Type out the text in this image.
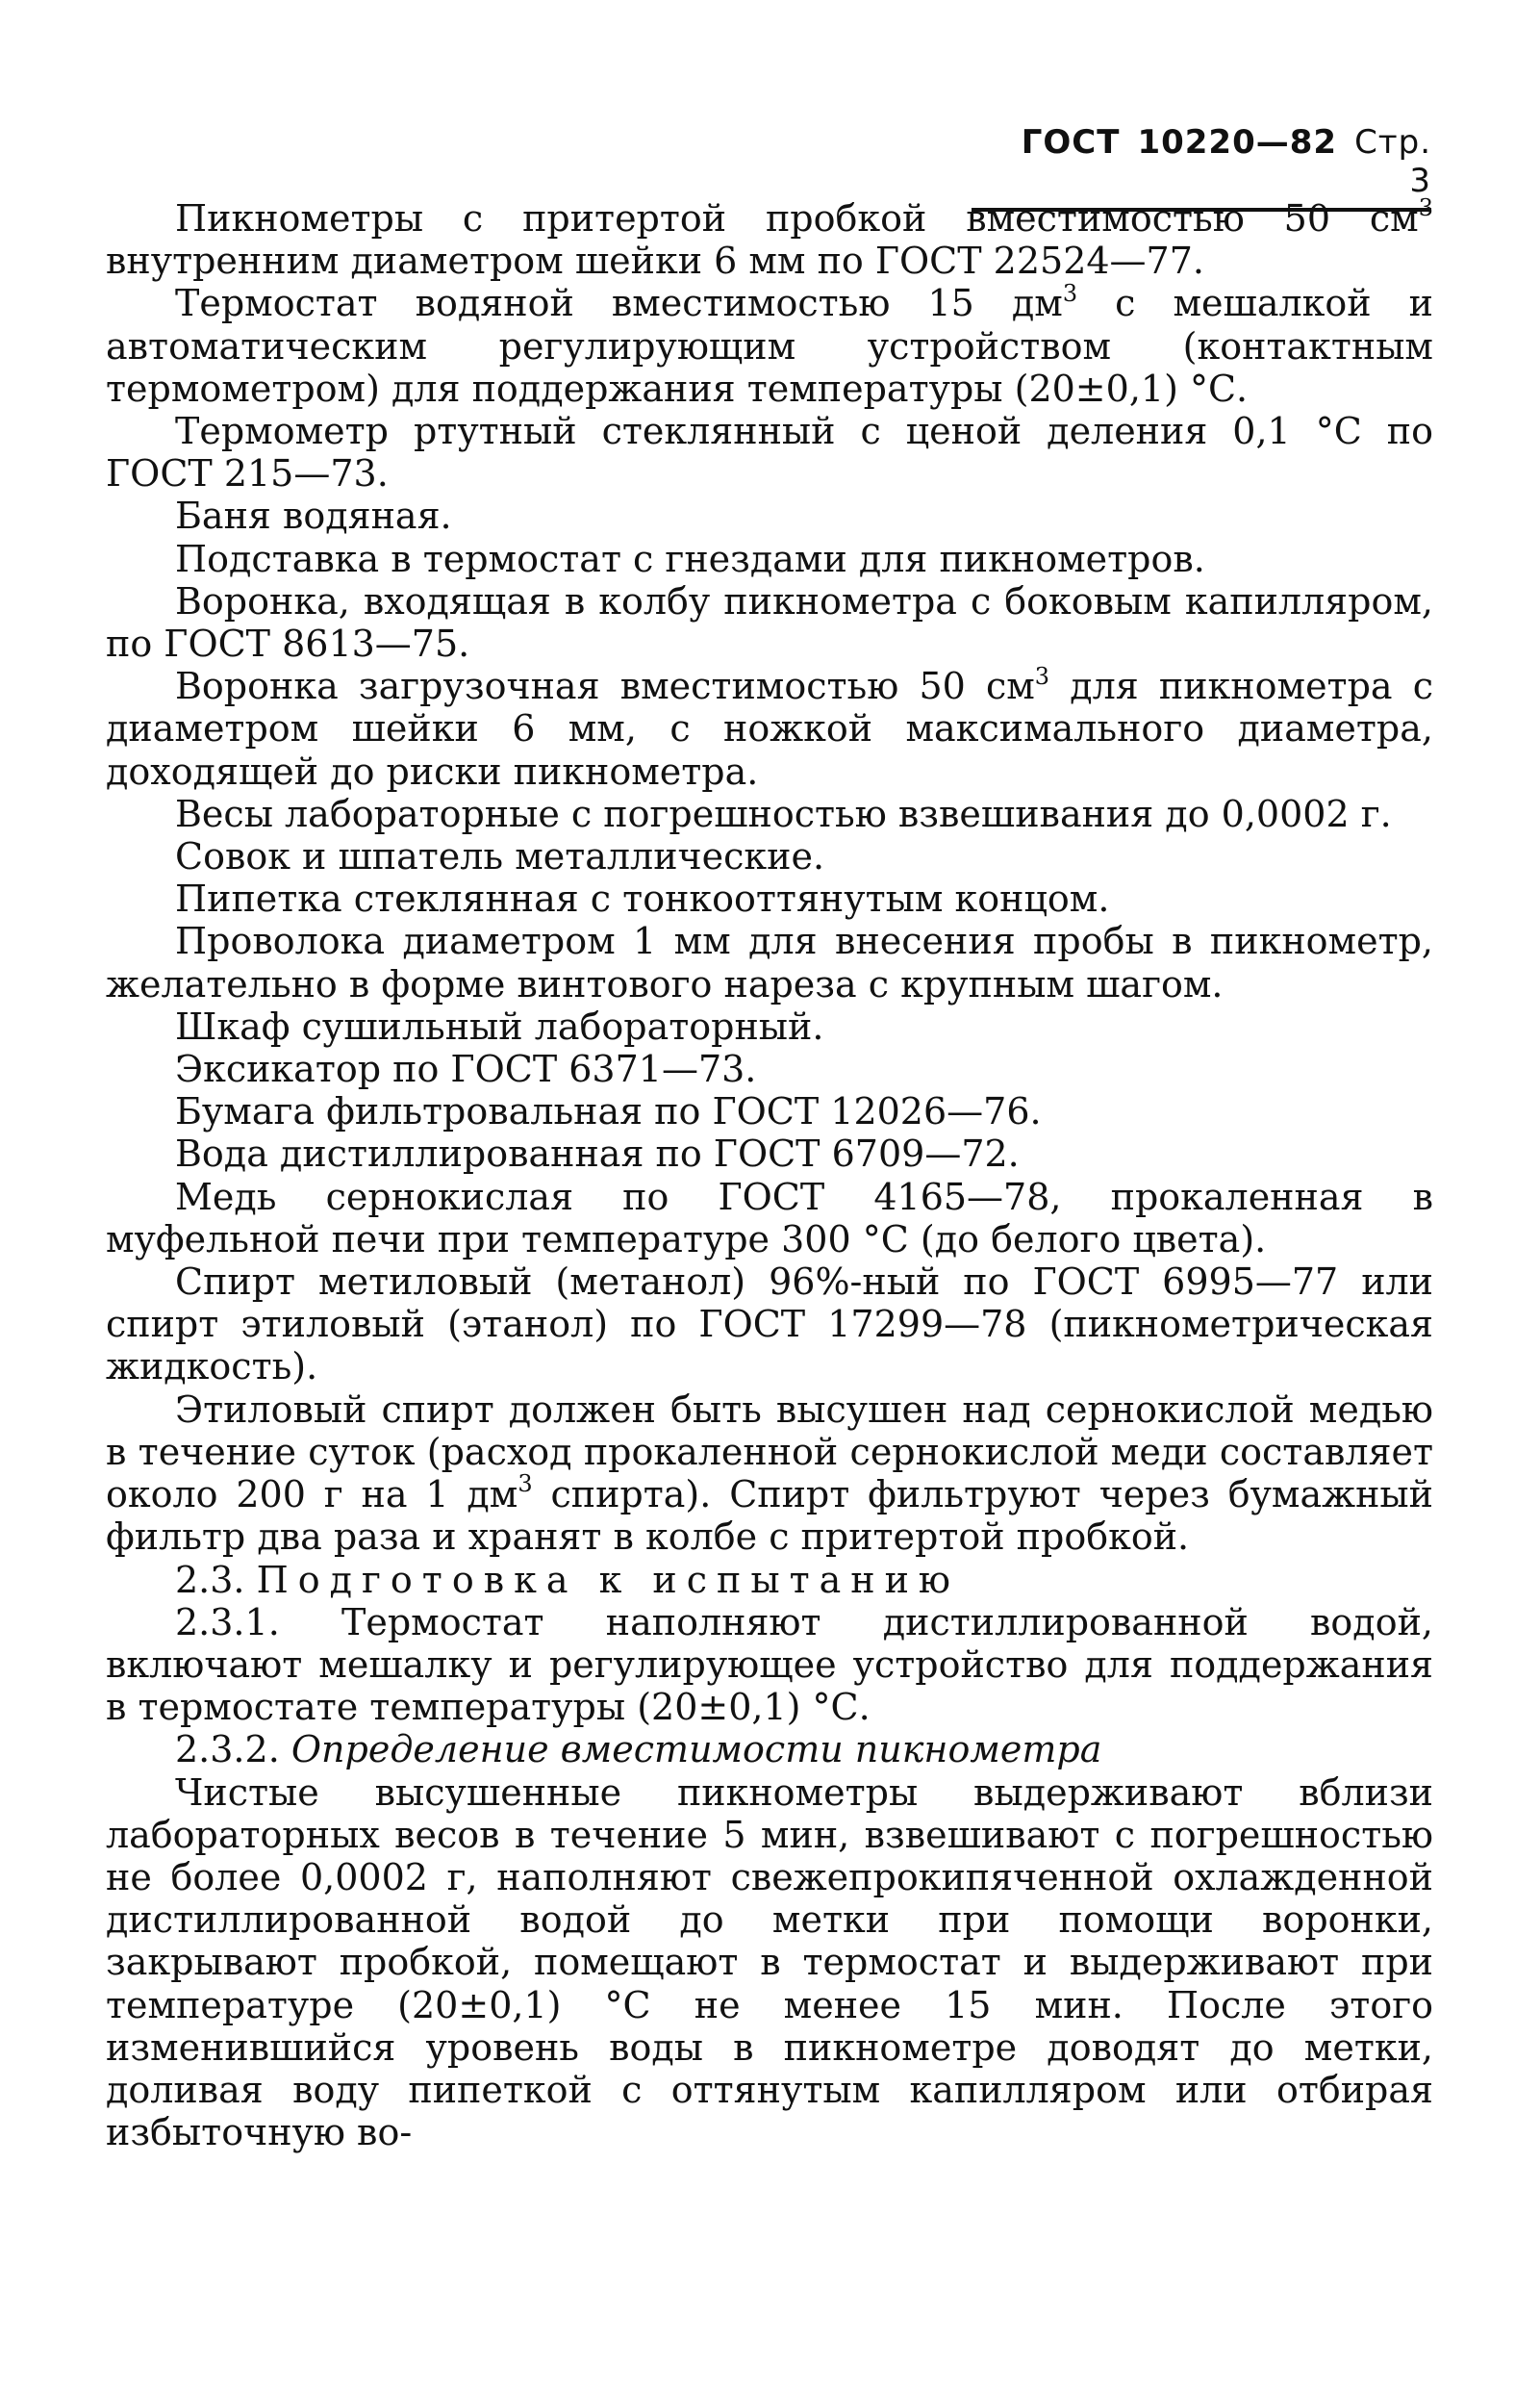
ГОСТ 10220—82 Стр. 3

Пикнометры с притертой пробкой вместимостью 50 $см^3$ внутренним диаметром шейки 6 мм по ГОСТ 22524—77.

Термостат водяной вместимостью 15 $дм^3$ с мешалкой и автоматическим регулирующим устройством (контактным термометром) для поддержания температуры (20±0,1) °С.

Термометр ртутный стеклянный с ценой деления 0,1 °С по ГОСТ 215—73.

Баня водяная.

Подставка в термостат с гнездами для пикнометров.

Воронка, входящая в колбу пикнометра с боковым капилляром, по ГОСТ 8613—75.

Воронка загрузочная вместимостью 50 $см^3$ для пикнометра с диаметром шейки 6 мм, с ножкой максимального диаметра, доходящей до риски пикнометра.

Весы лабораторные с погрешностью взвешивания до 0,0002 г.

Совок и шпатель металлические.

Пипетка стеклянная с тонкооттянутым концом.

Проволока диаметром 1 мм для внесения пробы в пикнометр, желательно в форме винтового нареза с крупным шагом.

Шкаф сушильный лабораторный.

Эксикатор по ГОСТ 6371—73.

Бумага фильтровальная по ГОСТ 12026—76.

Вода дистиллированная по ГОСТ 6709—72.

Медь сернокислая по ГОСТ 4165—78, прокаленная в муфельной печи при температуре 300 °С (до белого цвета).

Спирт метиловый (метанол) 96%-ный по ГОСТ 6995—77 или спирт этиловый (этанол) по ГОСТ 17299—78 (пикнометрическая жидкость).

Этиловый спирт должен быть высушен над сернокислой медью в течение суток (расход прокаленной сернокислой меди составляет около 200 г на 1 $дм^3$ спирта). Спирт фильтруют через бумажный фильтр два раза и хранят в колбе с притертой пробкой.

2.3. Подготовка к испытанию

2.3.1. Термостат наполняют дистиллированной водой, включают мешалку и регулирующее устройство для поддержания в термостате температуры (20±0,1) °С.

2.3.2. Определение вместимости пикнометра

Чистые высушенные пикнометры выдерживают вблизи лабораторных весов в течение 5 мин, взвешивают с погрешностью не более 0,0002 г, наполняют свежепрокипяченной охлажденной дистиллированной водой до метки при помощи воронки, закрывают пробкой, помещают в термостат и выдерживают при температуре (20±0,1) °С не менее 15 мин. После этого изменившийся уровень воды в пикнометре доводят до метки, доливая воду пипеткой с оттянутым капилляром или отбирая избыточную во-
